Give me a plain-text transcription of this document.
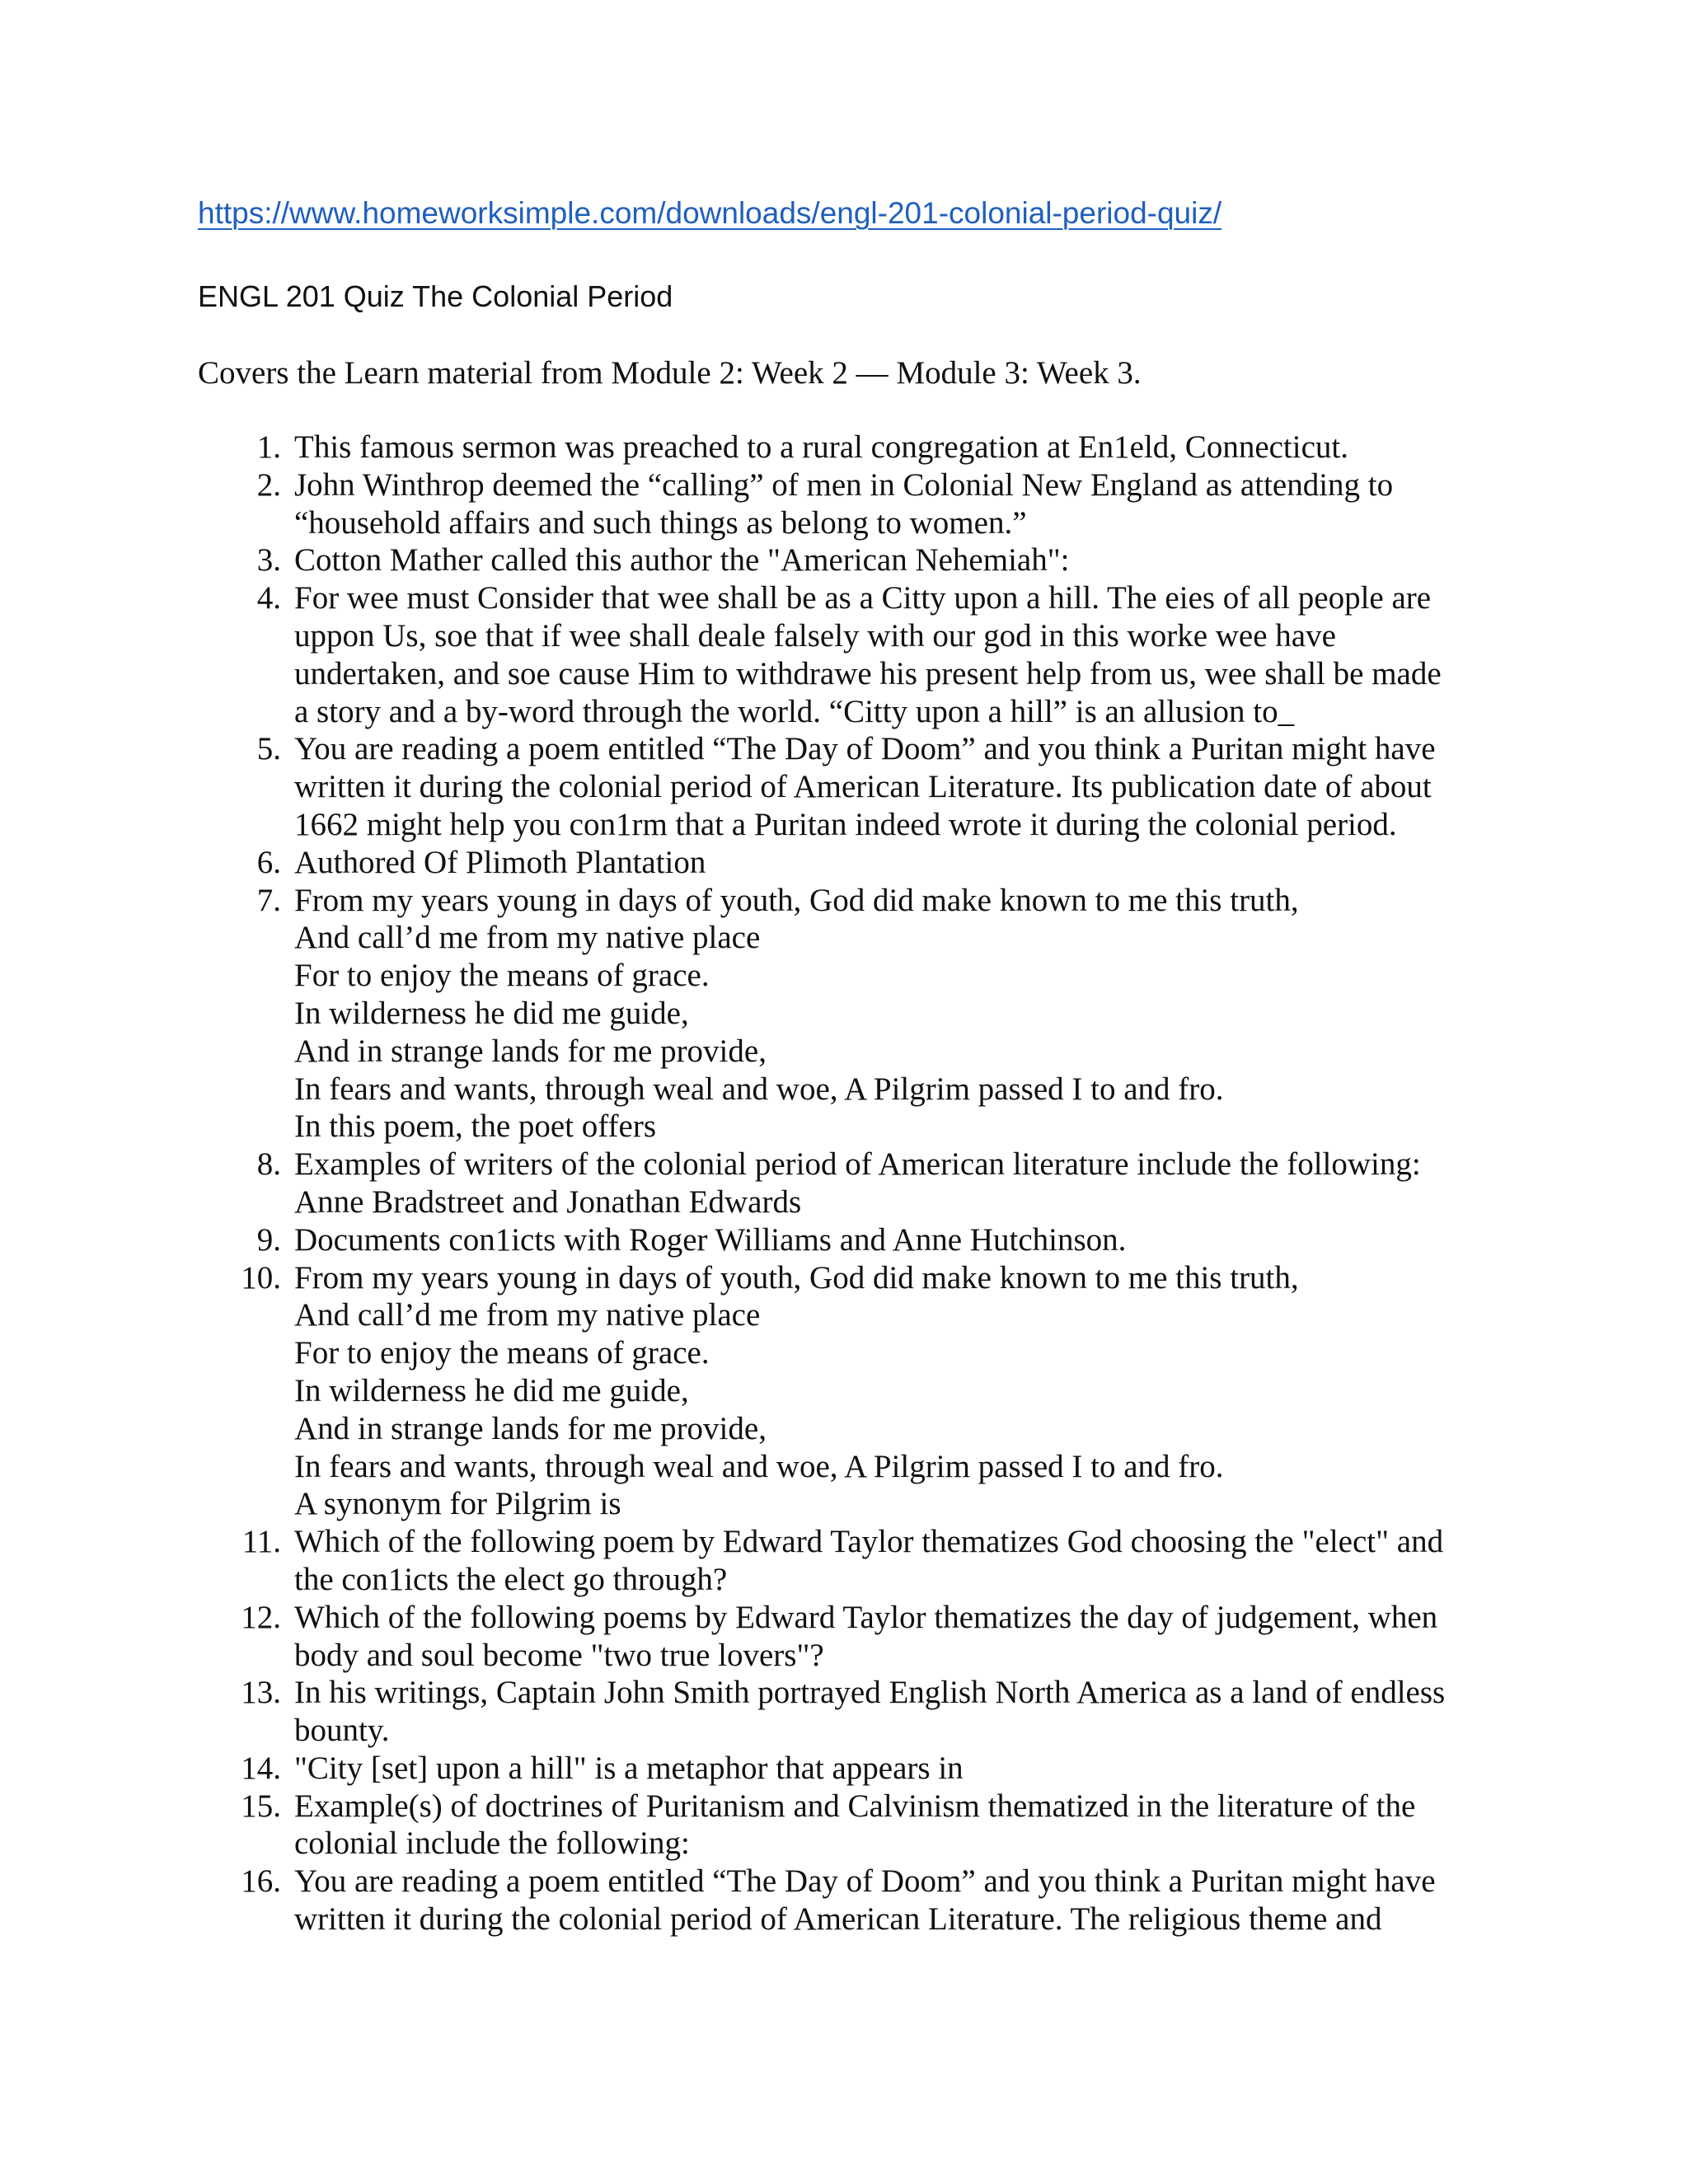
https://www.homeworksimple.com/downloads/engl-201-colonial-period-quiz/
ENGL 201 Quiz The Colonial Period
Covers the Learn material from Module 2: Week 2 — Module 3: Week 3.
1. This famous sermon was preached to a rural congregation at En1eld, Connecticut.
2. John Winthrop deemed the “calling” of men in Colonial New England as attending to
“household affairs and such things as belong to women.”
3. Cotton Mather called this author the "American Nehemiah":
4. For wee must Consider that wee shall be as a Citty upon a hill. The eies of all people are
uppon Us, soe that if wee shall deale falsely with our god in this worke wee have
undertaken, and soe cause Him to withdrawe his present help from us, wee shall be made
a story and a by-word through the world. “Citty upon a hill” is an allusion to_
5. You are reading a poem entitled “The Day of Doom” and you think a Puritan might have
written it during the colonial period of American Literature. Its publication date of about
1662 might help you con1rm that a Puritan indeed wrote it during the colonial period.
6. Authored Of Plimoth Plantation
7. From my years young in days of youth, God did make known to me this truth,
And call’d me from my native place
For to enjoy the means of grace.
In wilderness he did me guide,
And in strange lands for me provide,
In fears and wants, through weal and woe, A Pilgrim passed I to and fro.
In this poem, the poet offers
8. Examples of writers of the colonial period of American literature include the following:
Anne Bradstreet and Jonathan Edwards
9. Documents con1icts with Roger Williams and Anne Hutchinson.
10. From my years young in days of youth, God did make known to me this truth,
And call’d me from my native place
For to enjoy the means of grace.
In wilderness he did me guide,
And in strange lands for me provide,
In fears and wants, through weal and woe, A Pilgrim passed I to and fro.
A synonym for Pilgrim is
11. Which of the following poem by Edward Taylor thematizes God choosing the "elect" and
the con1icts the elect go through?
12. Which of the following poems by Edward Taylor thematizes the day of judgement, when
body and soul become "two true lovers"?
13. In his writings, Captain John Smith portrayed English North America as a land of endless
bounty.
14. "City [set] upon a hill" is a metaphor that appears in
15. Example(s) of doctrines of Puritanism and Calvinism thematized in the literature of the
colonial include the following:
16. You are reading a poem entitled “The Day of Doom” and you think a Puritan might have
written it during the colonial period of American Literature. The religious theme and
